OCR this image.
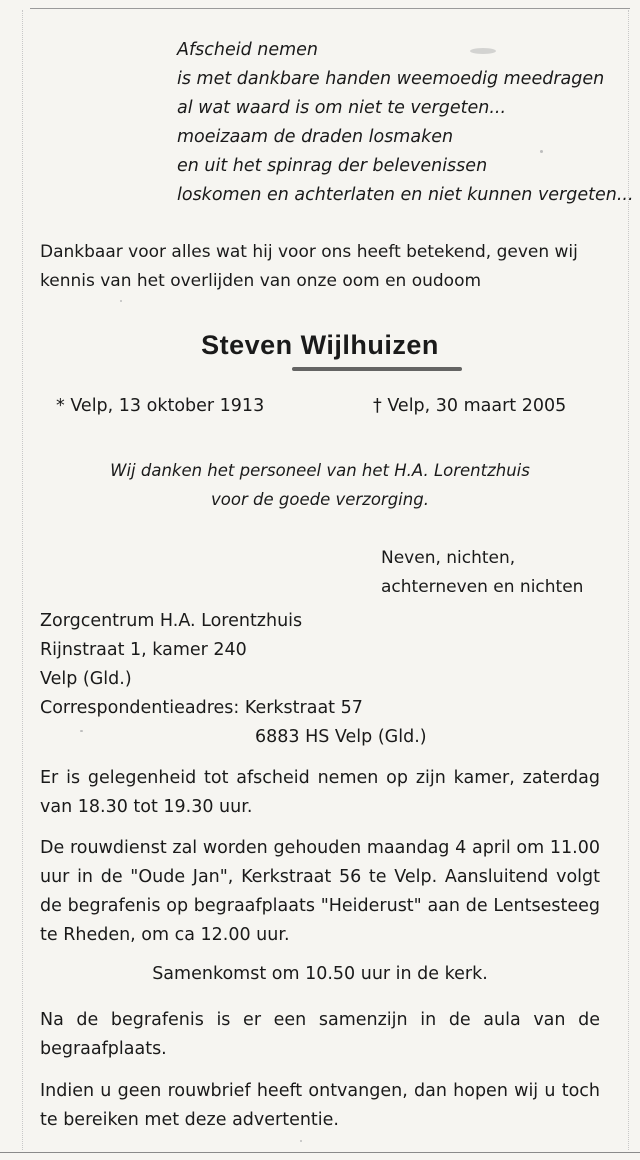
Afscheid nemen
is met dankbare handen weemoedig meedragen
al wat waard is om niet te vergeten...
moeizaam de draden losmaken
en uit het spinrag der belevenissen
loskomen en achterlaten en niet kunnen vergeten...
Dankbaar voor alles wat hij voor ons heeft betekend, geven wij kennis van het overlijden van onze oom en oudoom
Steven Wijlhuizen
* Velp, 13 oktober 1913	† Velp, 30 maart 2005
Wij danken het personeel van het H.A. Lorentzhuis
voor de goede verzorging.
Neven, nichten,
achterneven en nichten
Zorgcentrum H.A. Lorentzhuis
Rijnstraat 1, kamer 240
Velp (Gld.)
Correspondentieadres: Kerkstraat 57
6883 HS Velp (Gld.)
Er is gelegenheid tot afscheid nemen op zijn kamer, zaterdag van 18.30 tot 19.30 uur.
De rouwdienst zal worden gehouden maandag 4 april om 11.00 uur in de "Oude Jan", Kerkstraat 56 te Velp. Aansluitend volgt de begrafenis op begraafplaats "Heiderust" aan de Lentsesteeg te Rheden, om ca 12.00 uur.
Samenkomst om 10.50 uur in de kerk.
Na de begrafenis is er een samenzijn in de aula van de begraafplaats.
Indien u geen rouwbrief heeft ontvangen, dan hopen wij u toch te bereiken met deze advertentie.
